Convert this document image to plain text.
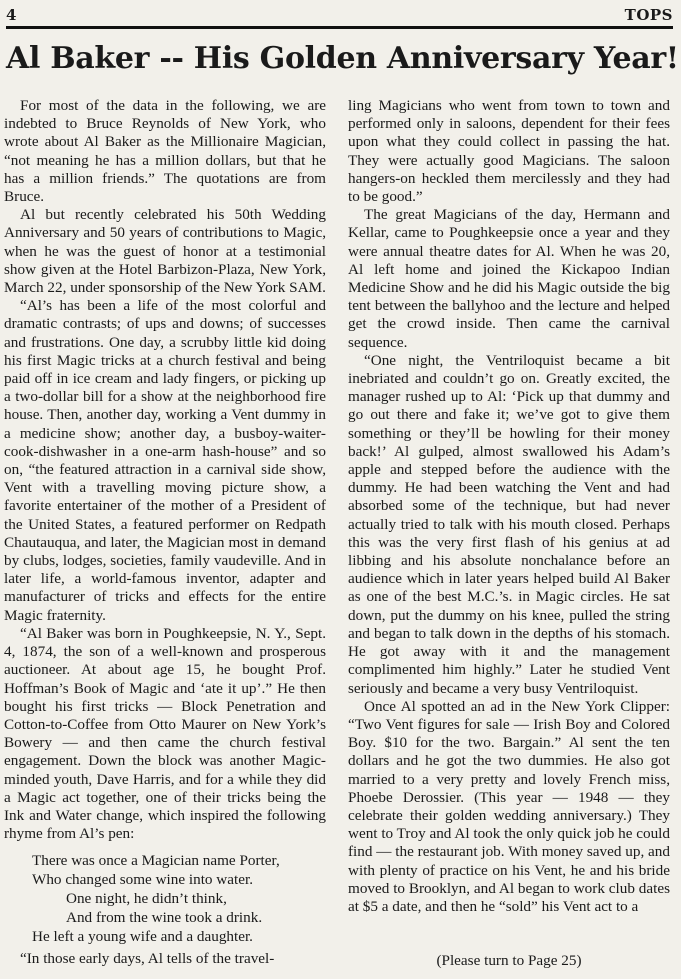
4	TOPS
Al Baker -- His Golden Anniversary Year!

For most of the data in the following, we are indebted to Bruce Reynolds of New York, who wrote about Al Baker as the Millionaire Magician, “not meaning he has a million dollars, but that he has a million friends.” The quotations are from Bruce.

Al but recently celebrated his 50th Wedding Anniversary and 50 years of contributions to Magic, when he was the guest of honor at a testimonial show given at the Hotel Barbizon-Plaza, New York, March 22, under sponsorship of the New York SAM.

“Al’s has been a life of the most colorful and dramatic contrasts; of ups and downs; of successes and frustrations. One day, a scrubby little kid doing his first Magic tricks at a church festival and being paid off in ice cream and lady fingers, or picking up a two-dollar bill for a show at the neighborhood fire house. Then, another day, working a Vent dummy in a medicine show; another day, a busboy-waiter-cook-dishwasher in a one-arm hash-house” and so on, “the featured attraction in a carnival side show, Vent with a travelling moving picture show, a favorite entertainer of the mother of a President of the United States, a featured performer on Redpath Chautauqua, and later, the Magician most in demand by clubs, lodges, societies, family vaudeville. And in later life, a world-famous inventor, adapter and manufacturer of tricks and effects for the entire Magic fraternity.

“Al Baker was born in Poughkeepsie, N. Y., Sept. 4, 1874, the son of a well-known and prosperous auctioneer. At about age 15, he bought Prof. Hoffman’s Book of Magic and ‘ate it up’.” He then bought his first tricks — Block Penetration and Cotton-to-Coffee from Otto Maurer on New York’s Bowery — and then came the church festival engagement. Down the block was another Magic-minded youth, Dave Harris, and for a while they did a Magic act together, one of their tricks being the Ink and Water change, which inspired the following rhyme from Al’s pen:

There was once a Magician name Porter,
Who changed some wine into water.
One night, he didn’t think,
And from the wine took a drink.
He left a young wife and a daughter.

“In those early days, Al tells of the travel-

ling Magicians who went from town to town and performed only in saloons, dependent for their fees upon what they could collect in passing the hat. They were actually good Magicians. The saloon hangers-on heckled them mercilessly and they had to be good.”

The great Magicians of the day, Hermann and Kellar, came to Poughkeepsie once a year and they were annual theatre dates for Al. When he was 20, Al left home and joined the Kickapoo Indian Medicine Show and he did his Magic outside the big tent between the ballyhoo and the lecture and helped get the crowd inside. Then came the carnival sequence.

“One night, the Ventriloquist became a bit inebriated and couldn’t go on. Greatly excited, the manager rushed up to Al: ‘Pick up that dummy and go out there and fake it; we’ve got to give them something or they’ll be howling for their money back!’ Al gulped, almost swallowed his Adam’s apple and stepped before the audience with the dummy. He had been watching the Vent and had absorbed some of the technique, but had never actually tried to talk with his mouth closed. Perhaps this was the very first flash of his genius at ad libbing and his absolute nonchalance before an audience which in later years helped build Al Baker as one of the best M.C.’s. in Magic circles. He sat down, put the dummy on his knee, pulled the string and began to talk down in the depths of his stomach. He got away with it and the management complimented him highly.” Later he studied Vent seriously and became a very busy Ventriloquist.

Once Al spotted an ad in the New York Clipper: “Two Vent figures for sale — Irish Boy and Colored Boy. $10 for the two. Bargain.” Al sent the ten dollars and he got the two dummies. He also got married to a very pretty and lovely French miss, Phoebe Derossier. (This year — 1948 — they celebrate their golden wedding anniversary.) They went to Troy and Al took the only quick job he could find — the restaurant job. With money saved up, and with plenty of practice on his Vent, he and his bride moved to Brooklyn, and Al began to work club dates at $5 a date, and then he “sold” his Vent act to a

(Please turn to Page 25)
